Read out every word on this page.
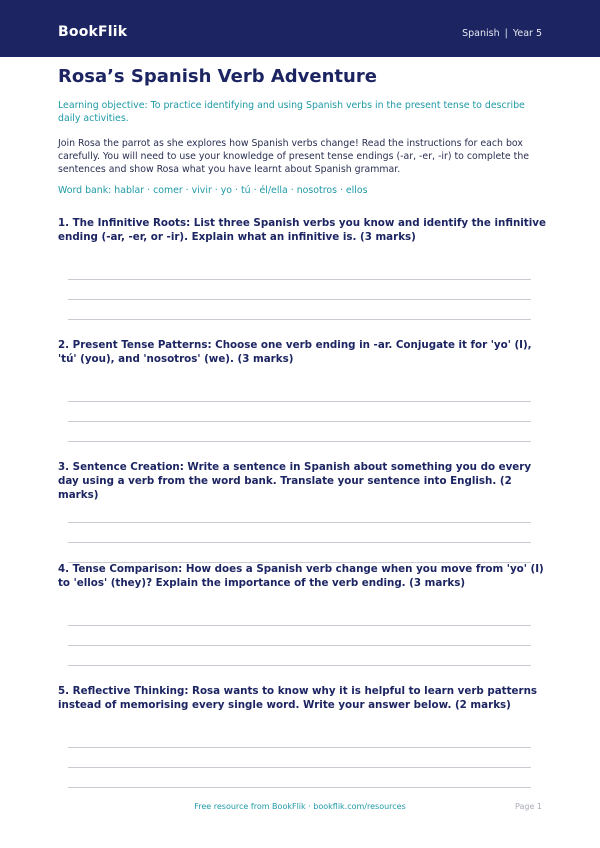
BookFlik	Spanish | Year 5
Rosa’s Spanish Verb Adventure
Learning objective: To practice identifying and using Spanish verbs in the present tense to describe daily activities.
Join Rosa the parrot as she explores how Spanish verbs change! Read the instructions for each box carefully. You will need to use your knowledge of present tense endings (-ar, -er, -ir) to complete the sentences and show Rosa what you have learnt about Spanish grammar.
Word bank: hablar · comer · vivir · yo · tú · él/ella · nosotros · ellos
1. The Infinitive Roots: List three Spanish verbs you know and identify the infinitive ending (-ar, -er, or -ir). Explain what an infinitive is. (3 marks)
2. Present Tense Patterns: Choose one verb ending in -ar. Conjugate it for 'yo' (I), 'tú' (you), and 'nosotros' (we). (3 marks)
3. Sentence Creation: Write a sentence in Spanish about something you do every day using a verb from the word bank. Translate your sentence into English. (2 marks)
4. Tense Comparison: How does a Spanish verb change when you move from 'yo' (I) to 'ellos' (they)? Explain the importance of the verb ending. (3 marks)
5. Reflective Thinking: Rosa wants to know why it is helpful to learn verb patterns instead of memorising every single word. Write your answer below. (2 marks)
Free resource from BookFlik · bookflik.com/resources	Page 1
